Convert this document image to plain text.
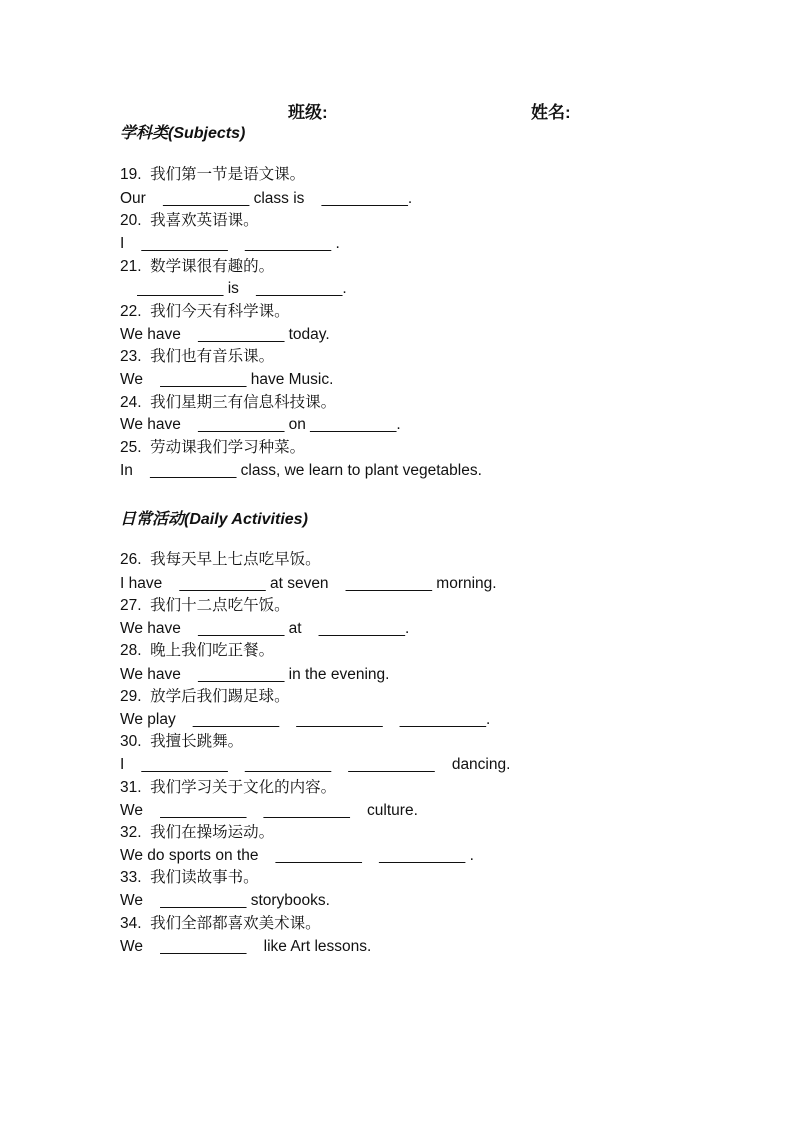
班级:	姓名:
学科类(Subjects)
19.  我们第一节是语文课。
Our    __________ class is    __________.
20.  我喜欢英语课。
I    __________    __________ .
21.  数学课很有趣的。
__________ is    __________.
22.  我们今天有科学课。
We have    __________ today.
23.  我们也有音乐课。
We    __________ have Music.
24.  我们星期三有信息科技课。
We have    __________ on __________.
25.  劳动课我们学习种菜。
In    __________ class, we learn to plant vegetables.
日常活动(Daily Activities)
26.  我每天早上七点吃早饭。
I have    __________ at seven    __________ morning.
27.  我们十二点吃午饭。
We have    __________ at    __________.
28.  晚上我们吃正餐。
We have    __________ in the evening.
29.  放学后我们踢足球。
We play    __________    __________    __________.
30.  我擅长跳舞。
I    __________    __________    __________    dancing.
31.  我们学习关于文化的内容。
We    __________    __________    culture.
32.  我们在操场运动。
We do sports on the    __________    __________ .
33.  我们读故事书。
We    __________ storybooks.
34.  我们全部都喜欢美术课。
We    __________    like Art lessons.
